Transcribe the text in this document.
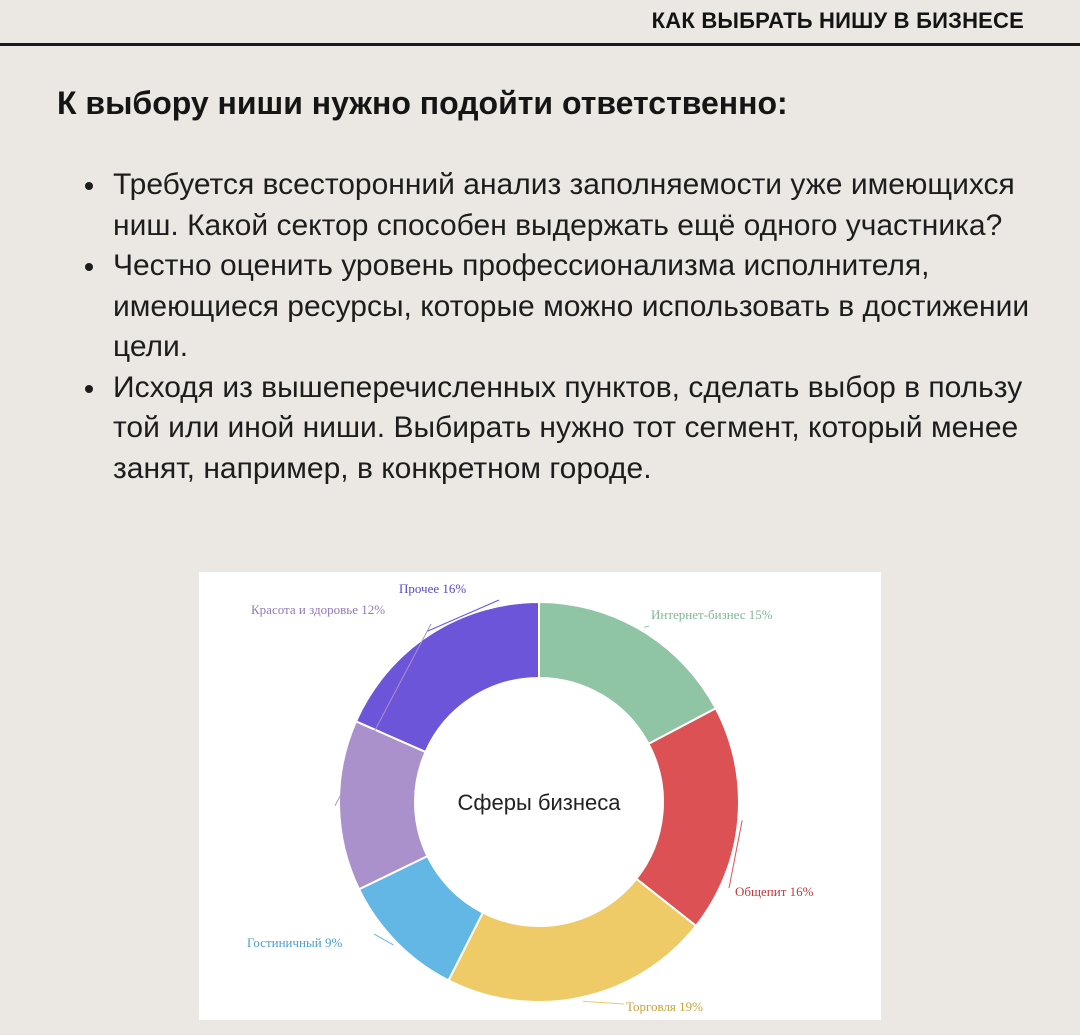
КАК ВЫБРАТЬ НИШУ В БИЗНЕСЕ
К выбору ниши нужно подойти ответственно:
Требуется всесторонний анализ заполняемости уже имеющихся ниш. Какой сектор способен выдержать ещё одного участника?
Честно оценить уровень профессионализма исполнителя, имеющиеся ресурсы, которые можно использовать в достижении цели.
Исходя из вышеперечисленных пунктов, сделать выбор в пользу той или иной ниши. Выбирать нужно тот сегмент, который менее занят, например, в конкретном городе.
Интернет-бизнес 15%
Общепит 16%
Торговля 19%
Гостиничный 9%
Красота и здоровье 12%
Прочее 16%
Сферы бизнеса
